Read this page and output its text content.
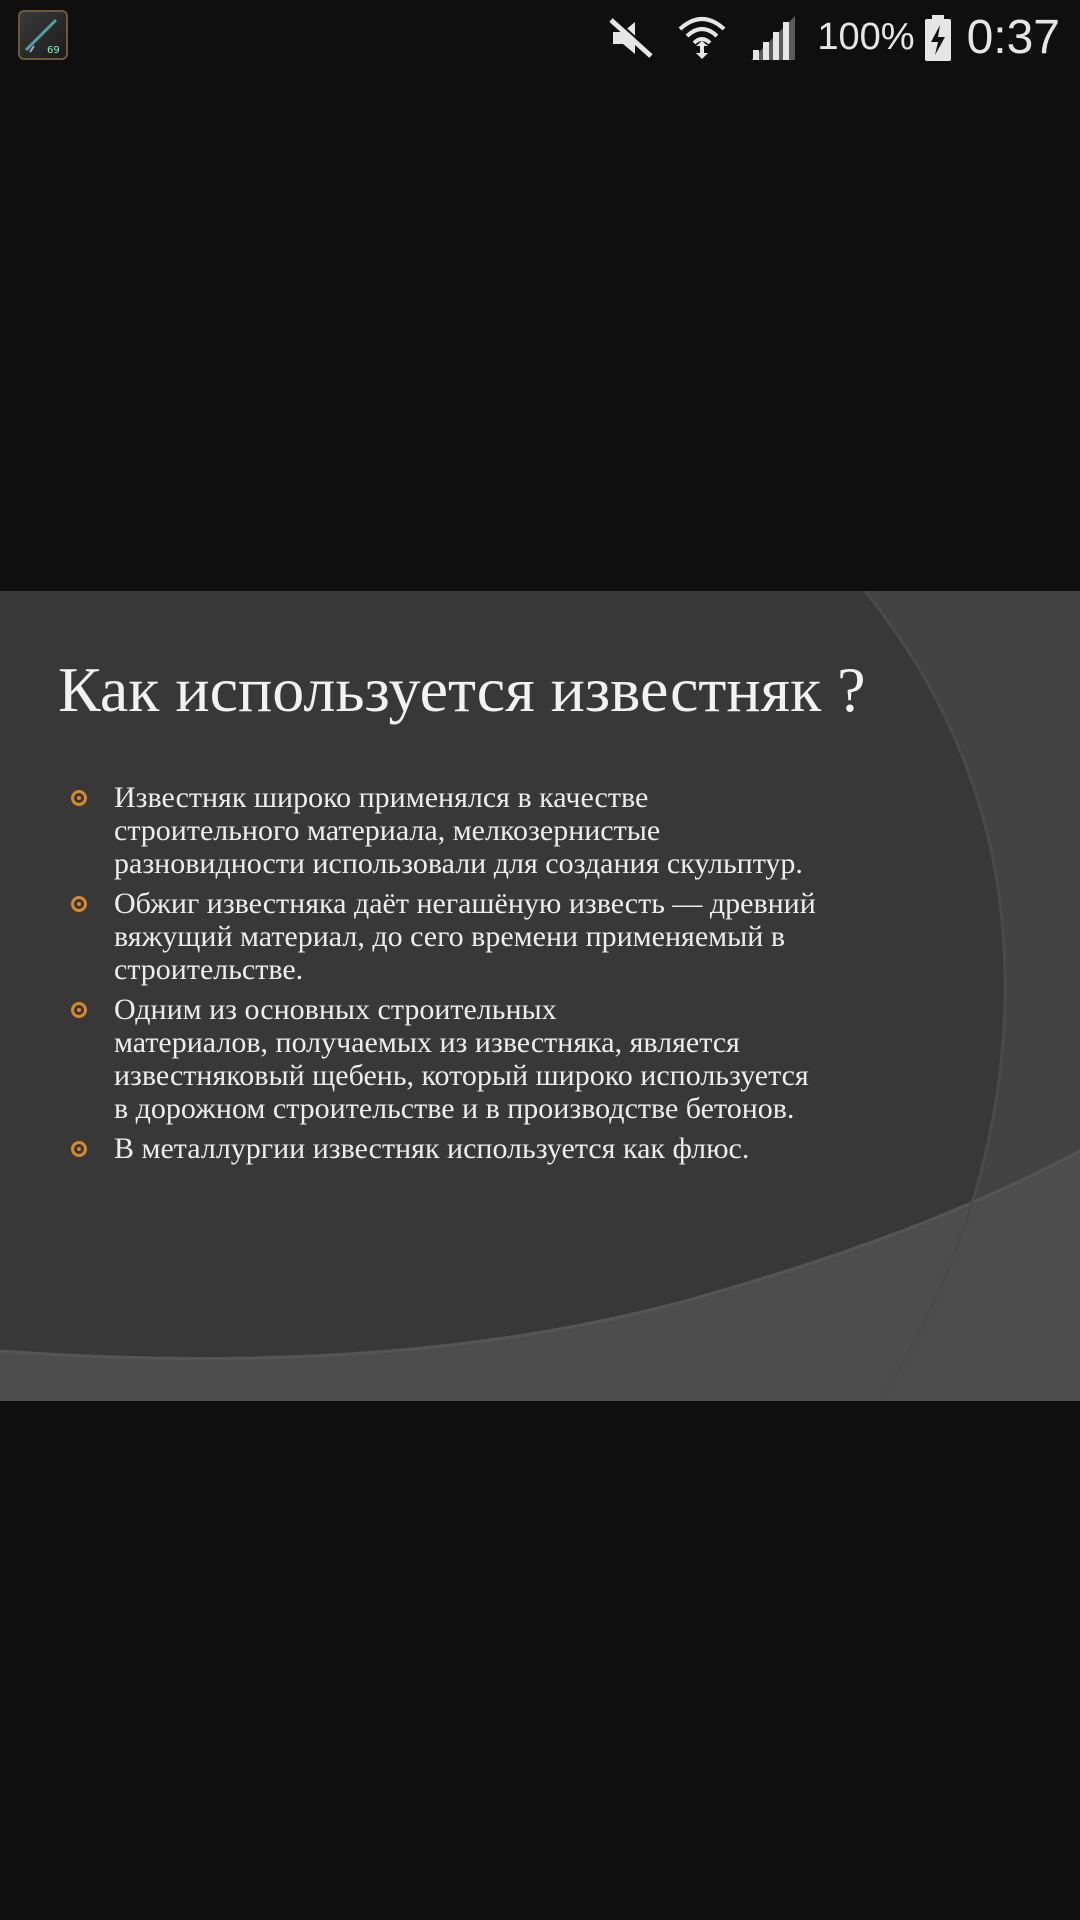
69	100% 0:37
Как используется известняк ?
Известняк широко применялся в качестве
строительного материала, мелкозернистые
разновидности использовали для создания скульптур.
Обжиг известняка даёт негашёную известь — древний
вяжущий материал, до сего времени применяемый в
строительстве.
Одним из основных строительных
материалов, получаемых из известняка, является
известняковый щебень, который широко используется
в дорожном строительстве и в производстве бетонов.
В металлургии известняк используется как флюс.
